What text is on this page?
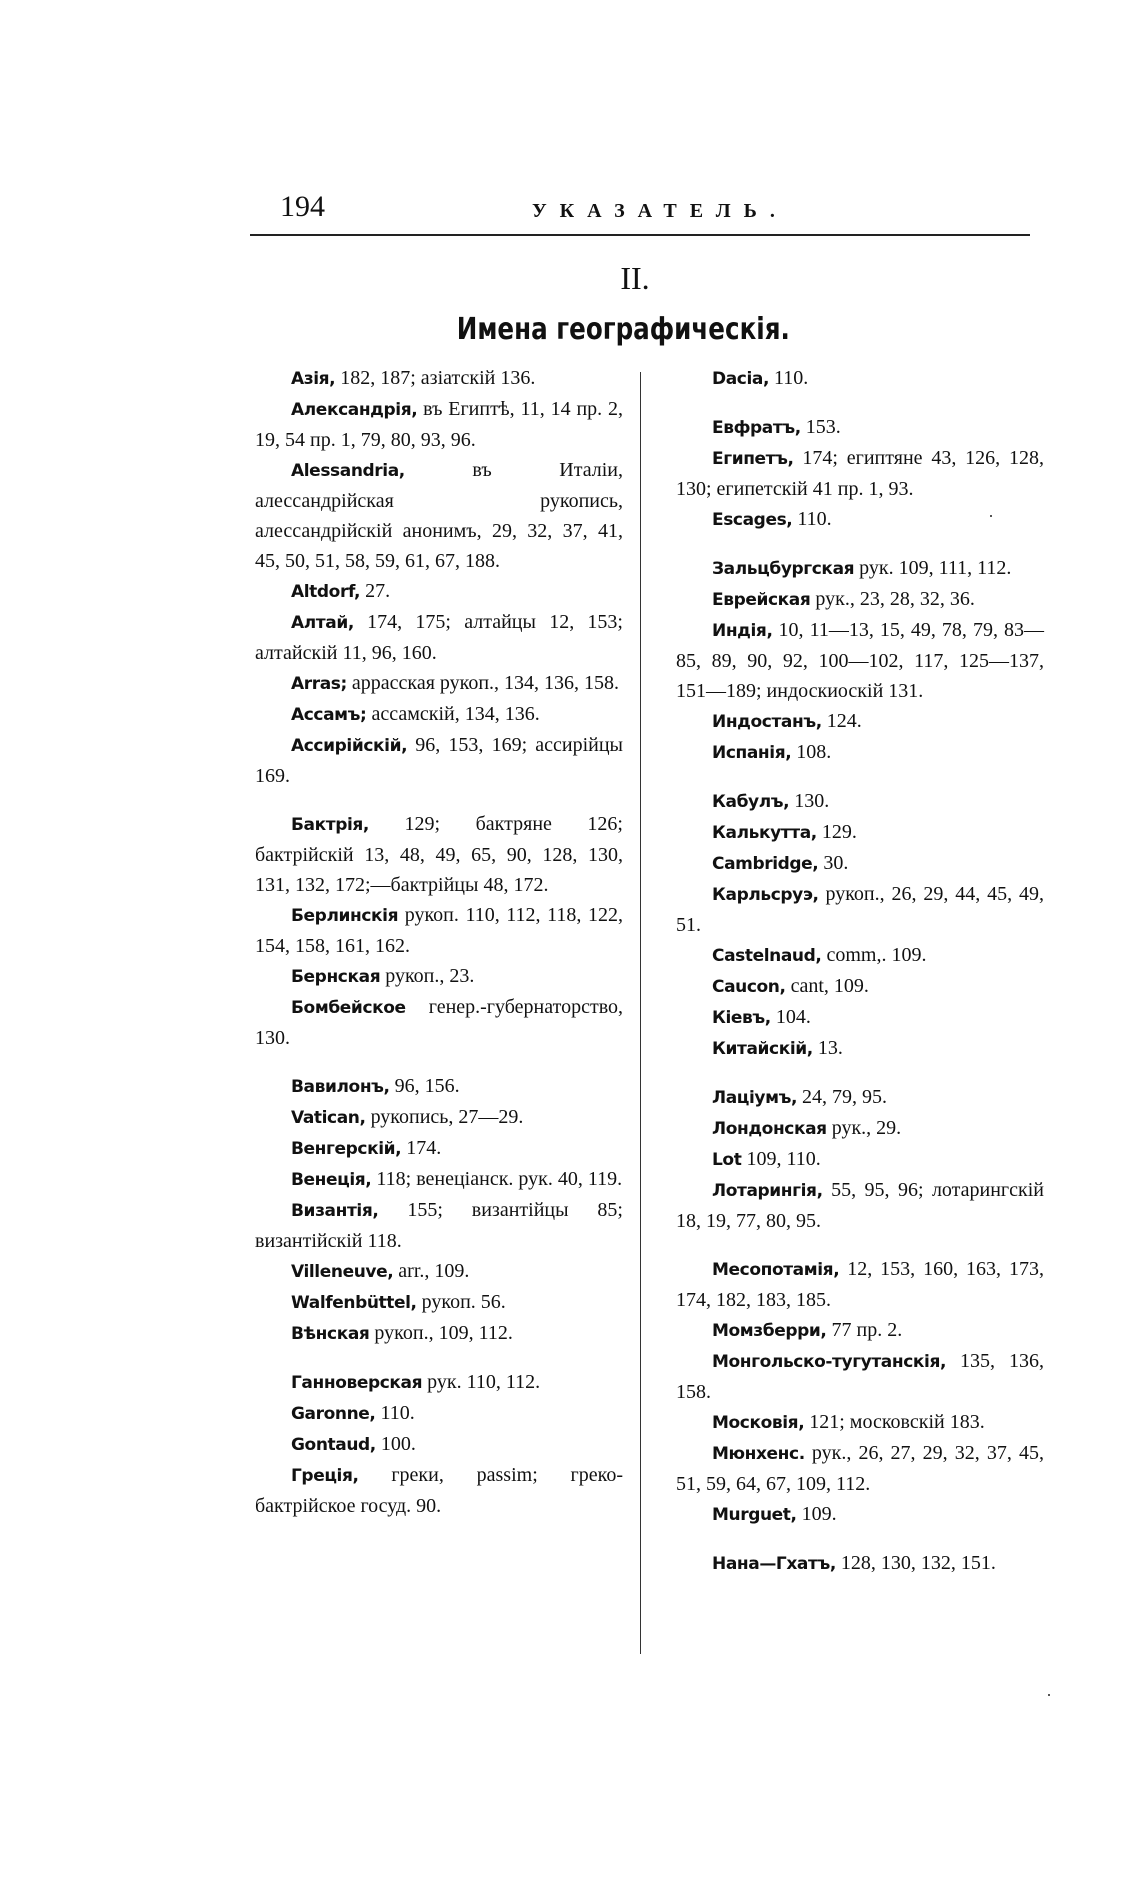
194	УКАЗАТЕЛЬ.
II.
Имена географическія.

Азія, 182, 187; азіатскій 136.

Александрія, въ Египтѣ, 11, 14 пр. 2, 19, 54 пр. 1, 79, 80, 93, 96.

Alessandria, въ Италіи, алессандрійская рукопись, алессандрійскій анонимъ, 29, 32, 37, 41, 45, 50, 51, 58, 59, 61, 67, 188.

Altdorf, 27.

Алтай, 174, 175; алтайцы 12, 153; алтайскій 11, 96, 160.

Arras; аррасская рукоп., 134, 136, 158.

Ассамъ; ассамскій, 134, 136.

Ассирійскій, 96, 153, 169; ассирійцы 169.

Бактрія, 129; бактряне 126; бактрійскій 13, 48, 49, 65, 90, 128, 130, 131, 132, 172;—бактрійцы 48, 172.

Берлинскія рукоп. 110, 112, 118, 122, 154, 158, 161, 162.

Бернская рукоп., 23.

Бомбейское генер.-губернаторство, 130.

Вавилонъ, 96, 156.

Vatican, рукопись, 27—29.

Венгерскій, 174.

Венеція, 118; венеціанск. рук. 40, 119.

Византія, 155; византійцы 85; византійскій 118.

Villeneuve, arr., 109.

Walfenbüttel, рукоп. 56.

Вѣнская рукоп., 109, 112.

Ганноверская рук. 110, 112.

Garonne, 110.

Gontaud, 100.

Греція, греки, passim; греко-бактрійское госуд. 90.

Dacia, 110.

Евфратъ, 153.

Египетъ, 174; египтяне 43, 126, 128, 130; египетскій 41 пр. 1, 93.

Escages, 110.

Зальцбургская рук. 109, 111, 112.

Еврейская рук., 23, 28, 32, 36.

Индія, 10, 11—13, 15, 49, 78, 79, 83—85, 89, 90, 92, 100—102, 117, 125—137, 151—189; индоскиоскій 131.

Индостанъ, 124.

Испанія, 108.

Кабулъ, 130.

Калькутта, 129.

Cambridge, 30.

Карльсруэ, рукоп., 26, 29, 44, 45, 49, 51.

Castelnaud, comm,. 109.

Caucon, cant, 109.

Кіевъ, 104.

Китайскій, 13.

Лаціумъ, 24, 79, 95.

Лондонская рук., 29.

Lot 109, 110.

Лотарингія, 55, 95, 96; лотарингскій 18, 19, 77, 80, 95.

Месопотамія, 12, 153, 160, 163, 173, 174, 182, 183, 185.

Момзберри, 77 пр. 2.

Монгольско-тугутанскія, 135, 136, 158.

Московія, 121; московскій 183.

Мюнхенс. рук., 26, 27, 29, 32, 37, 45, 51, 59, 64, 67, 109, 112.

Murguet, 109.

Нана—Гхатъ, 128, 130, 132, 151.
